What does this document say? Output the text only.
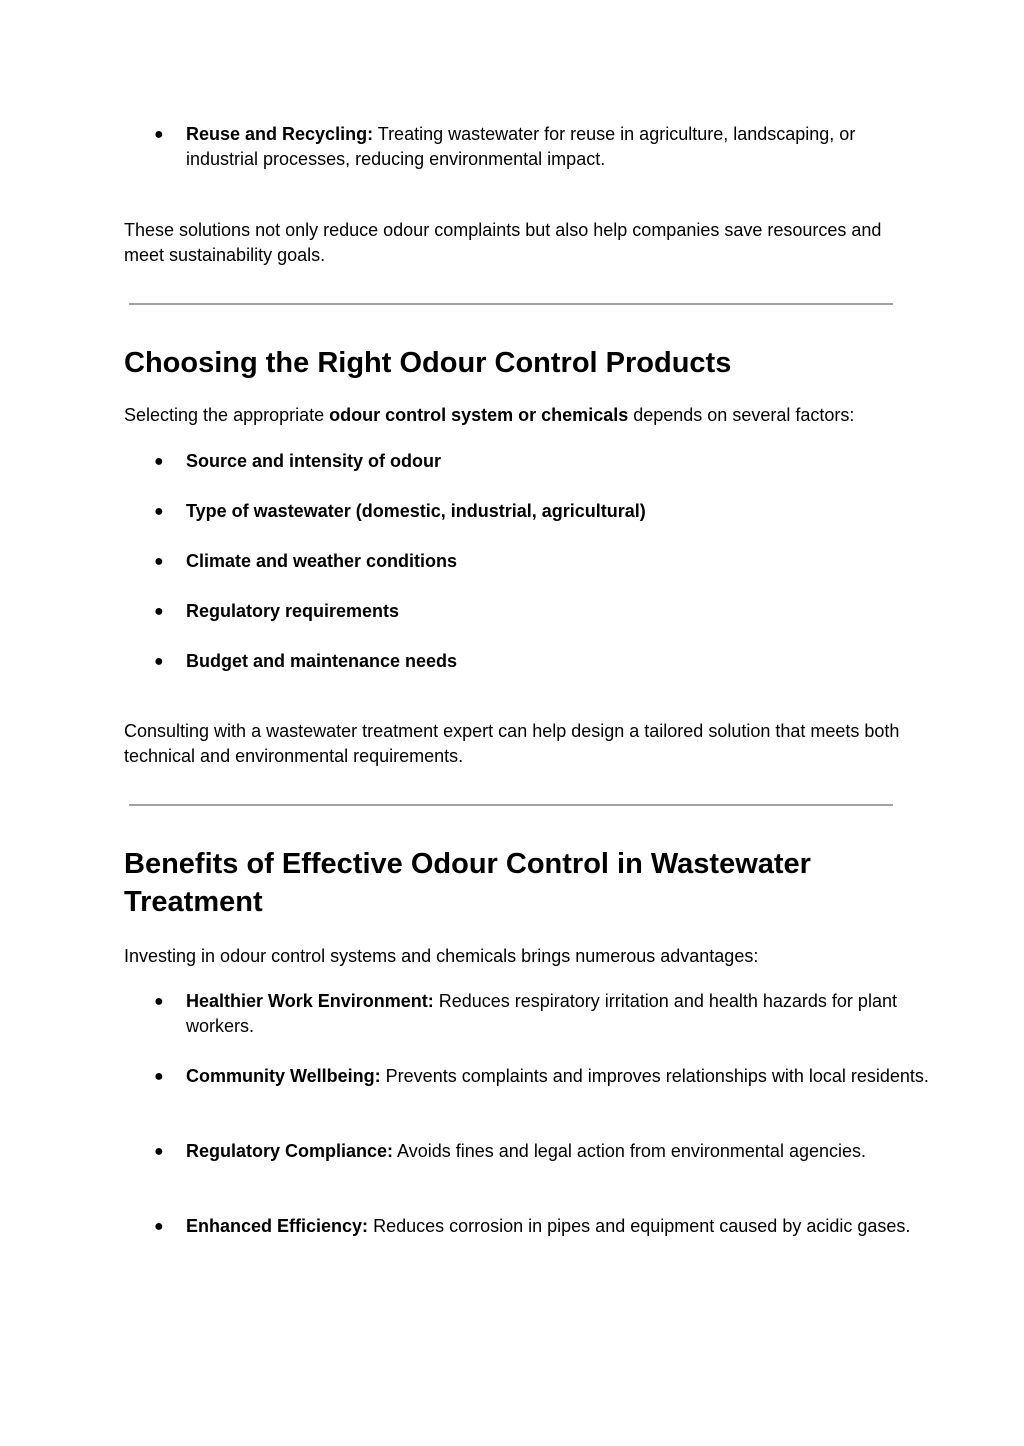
● Reuse and Recycling: Treating wastewater for reuse in agriculture, landscaping, or industrial processes, reducing environmental impact.

These solutions not only reduce odour complaints but also help companies save resources and meet sustainability goals.

Choosing the Right Odour Control Products

Selecting the appropriate odour control system or chemicals depends on several factors:

● Source and intensity of odour
● Type of wastewater (domestic, industrial, agricultural)
● Climate and weather conditions
● Regulatory requirements
● Budget and maintenance needs

Consulting with a wastewater treatment expert can help design a tailored solution that meets both technical and environmental requirements.

Benefits of Effective Odour Control in Wastewater Treatment

Investing in odour control systems and chemicals brings numerous advantages:

● Healthier Work Environment: Reduces respiratory irritation and health hazards for plant workers.
● Community Wellbeing: Prevents complaints and improves relationships with local residents.
● Regulatory Compliance: Avoids fines and legal action from environmental agencies.
● Enhanced Efficiency: Reduces corrosion in pipes and equipment caused by acidic gases.
